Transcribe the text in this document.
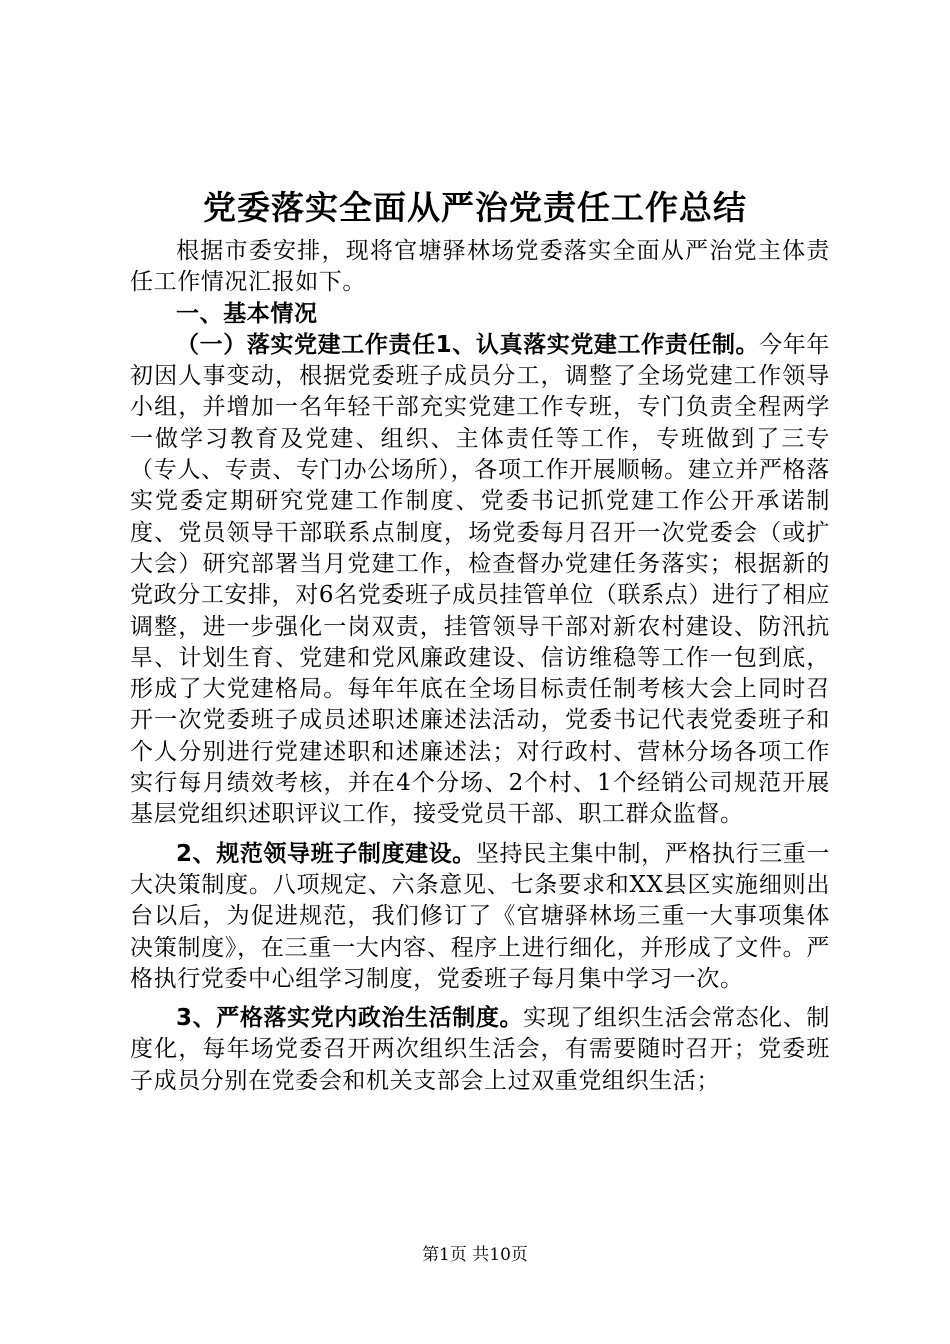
党委落实全面从严治党责任工作总结

根据市委安排，现将官塘驿林场党委落实全面从严治党主体责任工作情况汇报如下。

一、基本情况

（一）落实党建工作责任1、认真落实党建工作责任制。今年年初因人事变动，根据党委班子成员分工，调整了全场党建工作领导小组，并增加一名年轻干部充实党建工作专班，专门负责全程两学一做学习教育及党建、组织、主体责任等工作，专班做到了三专（专人、专责、专门办公场所），各项工作开展顺畅。建立并严格落实党委定期研究党建工作制度、党委书记抓党建工作公开承诺制度、党员领导干部联系点制度，场党委每月召开一次党委会（或扩大会）研究部署当月党建工作，检查督办党建任务落实；根据新的党政分工安排，对6名党委班子成员挂管单位（联系点）进行了相应调整，进一步强化一岗双责，挂管领导干部对新农村建设、防汛抗旱、计划生育、党建和党风廉政建设、信访维稳等工作一包到底，形成了大党建格局。每年年底在全场目标责任制考核大会上同时召开一次党委班子成员述职述廉述法活动，党委书记代表党委班子和个人分别进行党建述职和述廉述法；对行政村、营林分场各项工作实行每月绩效考核，并在4个分场、2个村、1个经销公司规范开展基层党组织述职评议工作，接受党员干部、职工群众监督。

2、规范领导班子制度建设。坚持民主集中制，严格执行三重一大决策制度。八项规定、六条意见、七条要求和XX县区实施细则出台以后，为促进规范，我们修订了《官塘驿林场三重一大事项集体决策制度》，在三重一大内容、程序上进行细化，并形成了文件。严格执行党委中心组学习制度，党委班子每月集中学习一次。

3、严格落实党内政治生活制度。实现了组织生活会常态化、制度化，每年场党委召开两次组织生活会，有需要随时召开；党委班子成员分别在党委会和机关支部会上过双重党组织生活；

第1页 共10页
